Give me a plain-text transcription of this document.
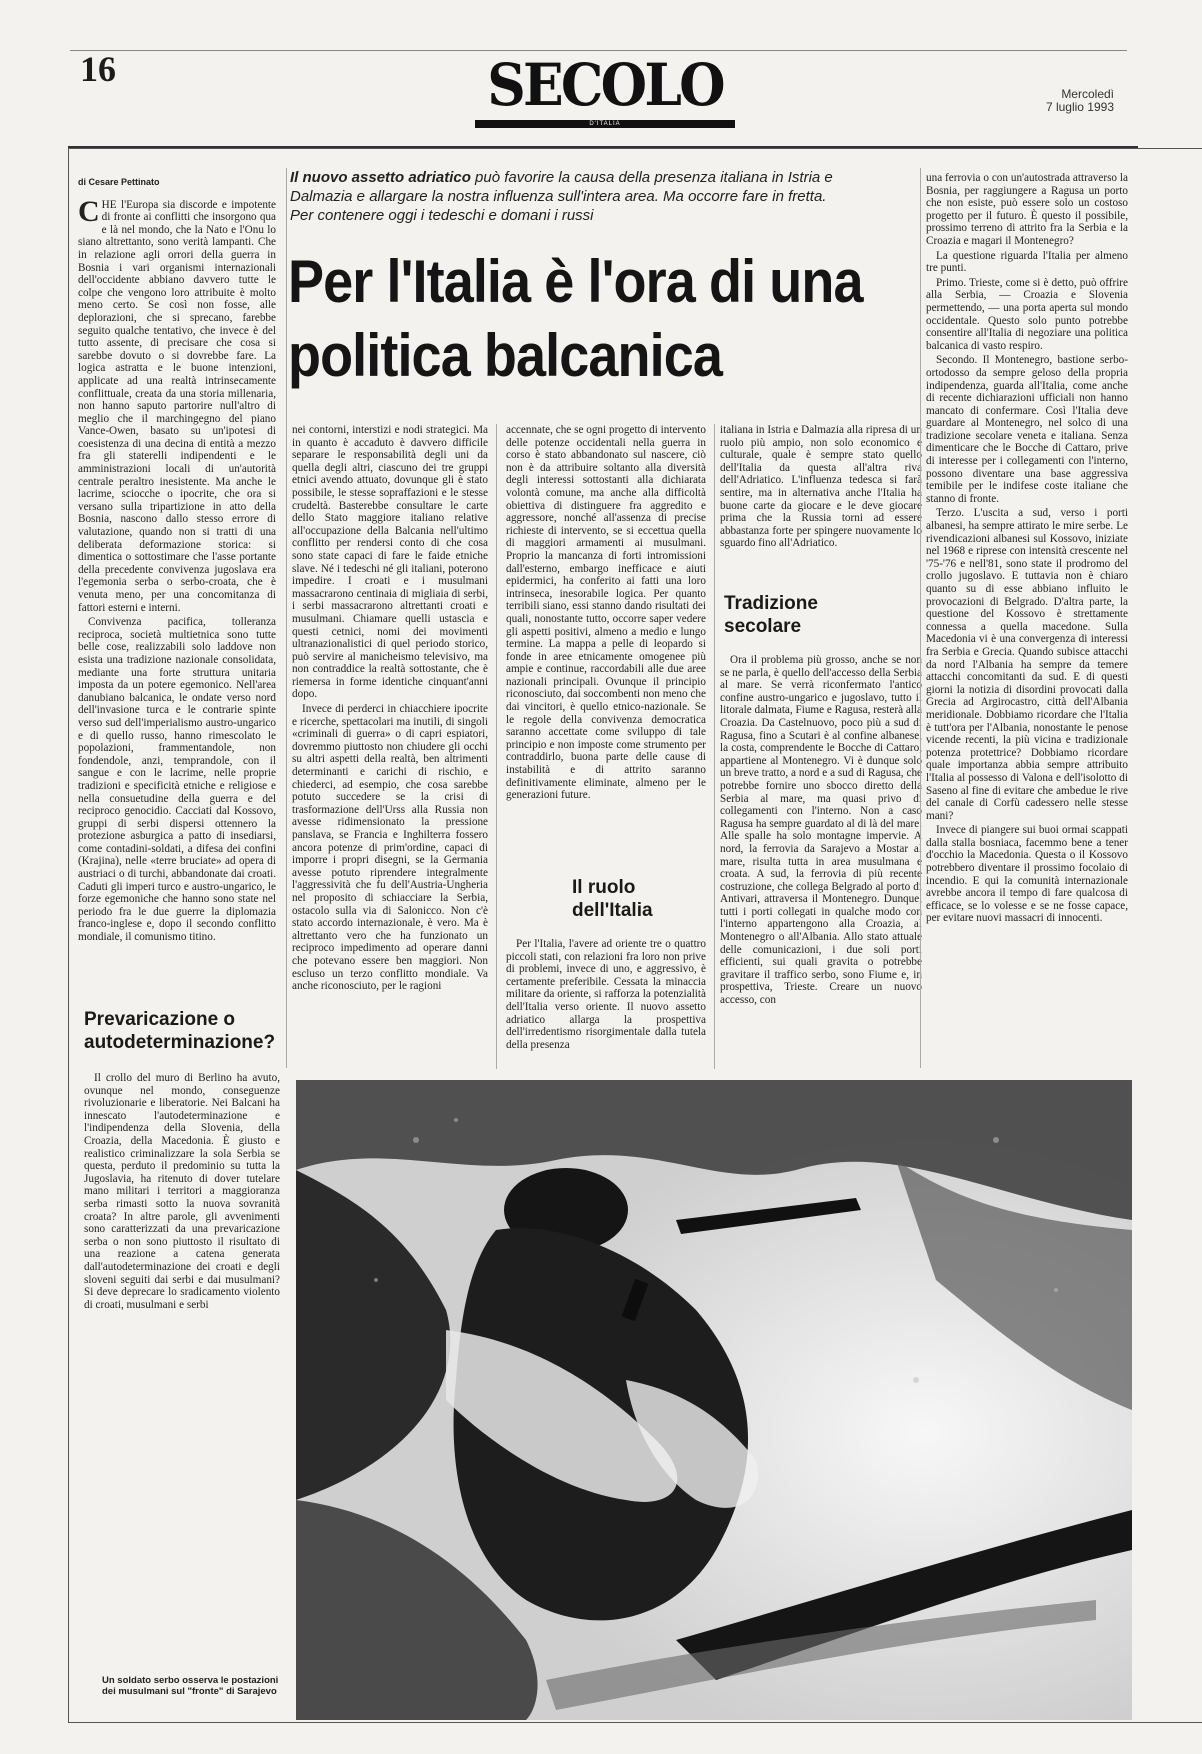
16	SECOLO
D'ITALIA
Mercoledì
7 luglio 1993
Il nuovo assetto adriatico può favorire la causa della presenza italiana in Istria e Dalmazia e allargare la nostra influenza sull'intera area. Ma occorre fare in fretta. Per contenere oggi i tedeschi e domani i russi
Per l'Italia è l'ora di una politica balcanica
di Cesare Pettinato
C HE l'Europa sia discorde e impotente di fronte ai conflitti che insorgono qua e là nel mondo, che la Nato e l'Onu lo siano altrettanto, sono verità lampanti. Che in relazione agli orrori della guerra in Bosnia i vari organismi internazionali dell'occidente abbiano davvero tutte le colpe che vengono loro attribuite è molto meno certo. Se così non fosse, alle deplorazioni, che si sprecano, farebbe seguito qualche tentativo, che invece è del tutto assente, di precisare che cosa si sarebbe dovuto o si dovrebbe fare. La logica astratta e le buone intenzioni, applicate ad una realtà intrinsecamente conflittuale, creata da una storia millenaria, non hanno saputo partorire null'altro di meglio che il marchingegno del piano Vance-Owen, basato su un'ipotesi di coesistenza di una decina di entità a mezzo fra gli staterelli indipendenti e le amministrazioni locali di un'autorità centrale peraltro inesistente. Ma anche le lacrime, sciocche o ipocrite, che ora si versano sulla tripartizione in atto della Bosnia, nascono dallo stesso errore di valutazione, quando non si tratti di una deliberata deformazione storica: si dimentica o sottostimare che l'asse portante della precedente convivenza jugoslava era l'egemonia serba o serbo-croata, che è venuta meno, per una concomitanza di fattori esterni e interni.

Convivenza pacifica, tolleranza reciproca, società multietnica sono tutte belle cose, realizzabili solo laddove non esista una tradizione nazionale consolidata, mediante una forte struttura unitaria imposta da un potere egemonico. Nell'area danubiano balcanica, le ondate verso nord dell'invasione turca e le contrarie spinte verso sud dell'imperialismo austro-ungarico e di quello russo, hanno rimescolato le popolazioni, frammentandole, non fondendole, anzi, temprandole, con il sangue e con le lacrime, nelle proprie tradizioni e specificità etniche e religiose e nella consuetudine della guerra e del reciproco genocidio. Cacciati dal Kossovo, gruppi di serbi dispersi ottennero la protezione asburgica a patto di insediarsi, come contadini-soldati, a difesa dei confini (Krajina), nelle «terre bruciate» ad opera di austriaci o di turchi, abbandonate dai croati. Caduti gli imperi turco e austro-ungarico, le forze egemoniche che hanno sono state nel periodo fra le due guerre la diplomazia franco-inglese e, dopo il secondo conflitto mondiale, il comunismo titino.

Prevaricazione o autodeterminazione?

Il crollo del muro di Berlino ha avuto, ovunque nel mondo, conseguenze rivoluzionarie e liberatorie. Nei Balcani ha innescato l'autodeterminazione e l'indipendenza della Slovenia, della Croazia, della Macedonia. È giusto e realistico criminalizzare la sola Serbia se questa, perduto il predominio su tutta la Jugoslavia, ha ritenuto di dover tutelare mano militari i territori a maggioranza serba rimasti sotto la nuova sovranità croata? In altre parole, gli avvenimenti sono caratterizzati da una prevaricazione serba o non sono piuttosto il risultato di una reazione a catena generata dall'autodeterminazione dei croati e degli sloveni seguiti dai serbi e dai musulmani? Si deve deprecare lo sradicamento violento di croati, musulmani e serbi

nei contorni, interstizi e nodi strategici. Ma in quanto è accaduto è davvero difficile separare le responsabilità degli uni da quella degli altri, ciascuno dei tre gruppi etnici avendo attuato, dovunque gli è stato possibile, le stesse sopraffazioni e le stesse crudeltà. Basterebbe consultare le carte dello Stato maggiore italiano relative all'occupazione della Balcania nell'ultimo conflitto per rendersi conto di che cosa sono state capaci di fare le faide etniche slave. Né i tedeschi né gli italiani, poterono impedire. I croati e i musulmani massacrarono centinaia di migliaia di serbi, i serbi massacrarono altrettanti croati e musulmani. Chiamare quelli ustascia e questi cetnici, nomi dei movimenti ultranazionalistici di quel periodo storico, può servire al manicheismo televisivo, ma non contraddice la realtà sottostante, che è riemersa in forme identiche cinquant'anni dopo.

Invece di perderci in chiacchiere ipocrite e ricerche, spettacolari ma inutili, di singoli «criminali di guerra» o di capri espiatori, dovremmo piuttosto non chiudere gli occhi su altri aspetti della realtà, ben altrimenti determinanti e carichi di rischio, e chiederci, ad esempio, che cosa sarebbe potuto succedere se la crisi di trasformazione dell'Urss alla Russia non avesse ridimensionato la pressione panslava, se Francia e Inghilterra fossero ancora potenze di prim'ordine, capaci di imporre i propri disegni, se la Germania avesse potuto riprendere integralmente l'aggressività che fu dell'Austria-Ungheria nel proposito di schiacciare la Serbia, ostacolo sulla via di Salonicco. Non c'è stato accordo internazionale, è vero. Ma è altrettanto vero che ha funzionato un reciproco impedimento ad operare danni che potevano essere ben maggiori. Non escluso un terzo conflitto mondiale. Va anche riconosciuto, per le ragioni

accennate, che se ogni progetto di intervento delle potenze occidentali nella guerra in corso è stato abbandonato sul nascere, ciò non è da attribuire soltanto alla diversità degli interessi sottostanti alla dichiarata volontà comune, ma anche alla difficoltà obiettiva di distinguere fra aggredito e aggressore, nonché all'assenza di precise richieste di intervento, se si eccettua quella di maggiori armamenti ai musulmani. Proprio la mancanza di forti intromissioni dall'esterno, embargo inefficace e aiuti epidermici, ha conferito ai fatti una loro intrinseca, inesorabile logica. Per quanto terribili siano, essi stanno dando risultati dei quali, nonostante tutto, occorre saper vedere gli aspetti positivi, almeno a medio e lungo termine. La mappa a pelle di leopardo si fonde in aree etnicamente omogenee più ampie e continue, raccordabili alle due aree nazionali principali. Ovunque il principio riconosciuto, dai soccombenti non meno che dai vincitori, è quello etnico-nazionale. Se le regole della convivenza democratica saranno accettate come sviluppo di tale principio e non imposte come strumento per contraddirlo, buona parte delle cause di instabilità e di attrito saranno definitivamente eliminate, almeno per le generazioni future.

Il ruolo dell'Italia

Per l'Italia, l'avere ad oriente tre o quattro piccoli stati, con relazioni fra loro non prive di problemi, invece di uno, e aggressivo, è certamente preferibile. Cessata la minaccia militare da oriente, si rafforza la potenzialità dell'Italia verso oriente. Il nuovo assetto adriatico allarga la prospettiva dell'irredentismo risorgimentale dalla tutela della presenza

italiana in Istria e Dalmazia alla ripresa di un ruolo più ampio, non solo economico e culturale, quale è sempre stato quello dell'Italia da questa all'altra riva dell'Adriatico. L'influenza tedesca si farà sentire, ma in alternativa anche l'Italia ha buone carte da giocare e le deve giocare prima che la Russia torni ad essere abbastanza forte per spingere nuovamente lo sguardo fino all'Adriatico.

Tradizione secolare

Ora il problema più grosso, anche se non se ne parla, è quello dell'accesso della Serbia al mare. Se verrà riconfermato l'antico confine austro-ungarico e jugoslavo, tutto il litorale dalmata, Fiume e Ragusa, resterà alla Croazia. Da Castelnuovo, poco più a sud di Ragusa, fino a Scutari è al confine albanese, la costa, comprendente le Bocche di Cattaro, appartiene al Montenegro. Vi è dunque solo un breve tratto, a nord e a sud di Ragusa, che potrebbe fornire uno sbocco diretto della Serbia al mare, ma quasi privo di collegamenti con l'interno. Non a caso Ragusa ha sempre guardato al di là del mare. Alle spalle ha solo montagne impervie. A nord, la ferrovia da Sarajevo a Mostar al mare, risulta tutta in area musulmana e croata. A sud, la ferrovia di più recente costruzione, che collega Belgrado al porto di Antivari, attraversa il Montenegro. Dunque, tutti i porti collegati in qualche modo con l'interno appartengono alla Croazia, al Montenegro o all'Albania. Allo stato attuale delle comunicazioni, i due soli porti efficienti, sui quali gravita o potrebbe gravitare il traffico serbo, sono Fiume e, in prospettiva, Trieste. Creare un nuovo accesso, con

una ferrovia o con un'autostrada attraverso la Bosnia, per raggiungere a Ragusa un porto che non esiste, può essere solo un costoso progetto per il futuro. È questo il possibile, prossimo terreno di attrito fra la Serbia e la Croazia e magari il Montenegro?

La questione riguarda l'Italia per almeno tre punti.

Primo. Trieste, come si è detto, può offrire alla Serbia, — Croazia e Slovenia permettendo, — una porta aperta sul mondo occidentale. Questo solo punto potrebbe consentire all'Italia di negoziare una politica balcanica di vasto respiro.

Secondo. Il Montenegro, bastione serbo-ortodosso da sempre geloso della propria indipendenza, guarda all'Italia, come anche di recente dichiarazioni ufficiali non hanno mancato di confermare. Così l'Italia deve guardare al Montenegro, nel solco di una tradizione secolare veneta e italiana. Senza dimenticare che le Bocche di Cattaro, prive di interesse per i collegamenti con l'interno, possono diventare una base aggressiva temibile per le indifese coste italiane che stanno di fronte.

Terzo. L'uscita a sud, verso i porti albanesi, ha sempre attirato le mire serbe. Le rivendicazioni albanesi sul Kossovo, iniziate nel 1968 e riprese con intensità crescente nel '75-'76 e nell'81, sono state il prodromo del crollo jugoslavo. E tuttavia non è chiaro quanto su di esse abbiano influito le provocazioni di Belgrado. D'altra parte, la questione del Kossovo è strettamente connessa a quella macedone. Sulla Macedonia vi è una convergenza di interessi fra Serbia e Grecia. Quando subisce attacchi da nord l'Albania ha sempre da temere attacchi concomitanti da sud. E di questi giorni la notizia di disordini provocati dalla Grecia ad Argirocastro, città dell'Albania meridionale. Dobbiamo ricordare che l'Italia è tutt'ora per l'Albania, nonostante le penose vicende recenti, la più vicina e tradizionale potenza protettrice? Dobbiamo ricordare quale importanza abbia sempre attribuito l'Italia al possesso di Valona e dell'isolotto di Saseno al fine di evitare che ambedue le rive del canale di Corfù cadessero nelle stesse mani?

Invece di piangere sui buoi ormai scappati dalla stalla bosniaca, facemmo bene a tener d'occhio la Macedonia. Questa o il Kossovo potrebbero diventare il prossimo focolaio di incendio. E qui la comunità internazionale avrebbe ancora il tempo di fare qualcosa di efficace, se lo volesse e se ne fosse capace, per evitare nuovi massacri di innocenti.

Un soldato serbo osserva le postazioni dei musulmani sul "fronte" di Sarajevo
